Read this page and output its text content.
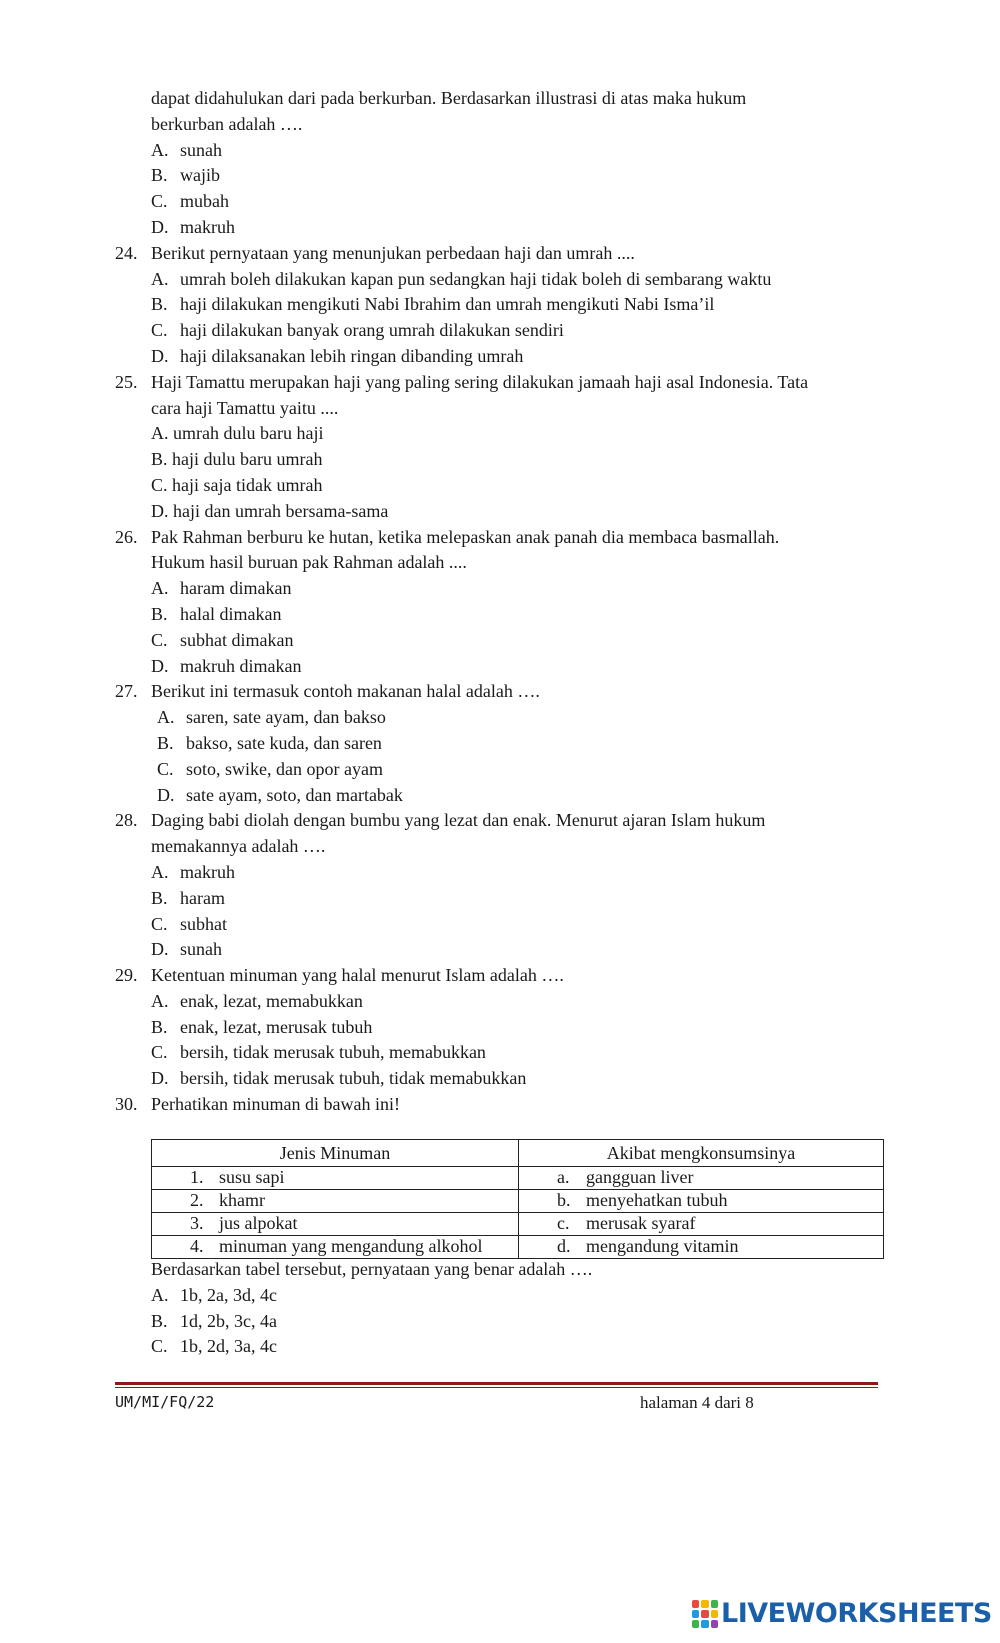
dapat didahulukan dari pada berkurban. Berdasarkan illustrasi di atas maka hukum
berkurban adalah ….
A. sunah
B. wajib
C. mubah
D. makruh
24. Berikut pernyataan yang menunjukan perbedaan haji dan umrah ....
A. umrah boleh dilakukan kapan pun sedangkan haji tidak boleh di sembarang waktu
B. haji dilakukan mengikuti Nabi Ibrahim dan umrah mengikuti Nabi Isma’il
C. haji dilakukan banyak orang umrah dilakukan sendiri
D. haji dilaksanakan lebih ringan dibanding umrah
25. Haji Tamattu merupakan haji yang paling sering dilakukan jamaah haji asal Indonesia. Tata
cara haji Tamattu yaitu ....
A. umrah dulu baru haji
B. haji dulu baru umrah
C. haji saja tidak umrah
D. haji dan umrah bersama-sama
26. Pak Rahman berburu ke hutan, ketika melepaskan anak panah dia membaca basmallah.
Hukum hasil buruan pak Rahman adalah ....
A. haram dimakan
B. halal dimakan
C. subhat dimakan
D. makruh dimakan
27. Berikut ini termasuk contoh makanan halal adalah ….
A. saren, sate ayam, dan bakso
B. bakso, sate kuda, dan saren
C. soto, swike, dan opor ayam
D. sate ayam, soto, dan martabak
28. Daging babi diolah dengan bumbu yang lezat dan enak. Menurut ajaran Islam hukum
memakannya adalah ….
A. makruh
B. haram
C. subhat
D. sunah
29. Ketentuan minuman yang halal menurut Islam adalah ….
A. enak, lezat, memabukkan
B. enak, lezat, merusak tubuh
C. bersih, tidak merusak tubuh, memabukkan
D. bersih, tidak merusak tubuh, tidak memabukkan
30. Perhatikan minuman di bawah ini!
Jenis Minuman	Akibat mengkonsumsinya

1. susu sapi	a. gangguan liver

2. khamr	b. menyehatkan tubuh

3. jus alpokat	c. merusak syaraf

4. minuman yang mengandung alkohol	d. mengandung vitamin
Berdasarkan tabel tersebut, pernyataan yang benar adalah ….
A. 1b, 2a, 3d, 4c
B. 1d, 2b, 3c, 4a
C. 1b, 2d, 3a, 4c
UM/MI/FQ/22	halaman 4 dari 8
LIVEWORKSHEETS
